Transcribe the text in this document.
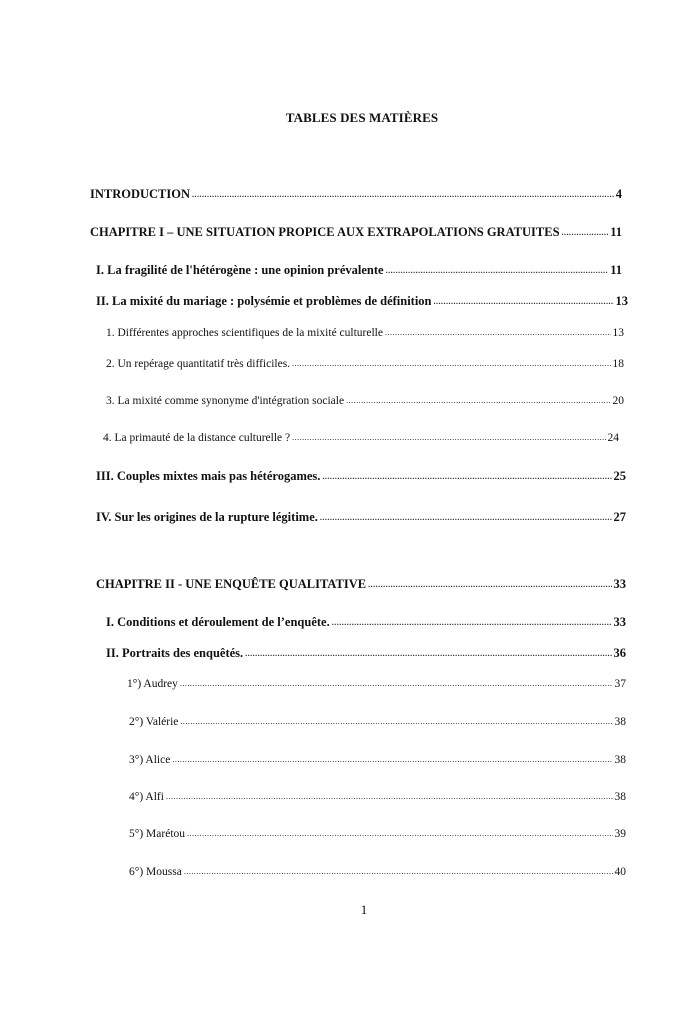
TABLES DES MATIÈRES
INTRODUCTION .....	4
CHAPITRE I – UNE SITUATION PROPICE AUX EXTRAPOLATIONS GRATUITES .....	11
I. La fragilité de l'hétérogène : une opinion prévalente .....	11
II. La mixité du mariage : polysémie et problèmes de définition .....	13
1. Différentes approches scientifiques de la mixité culturelle .....	13
2. Un repérage quantitatif très difficiles. .....	18
3. La mixité comme synonyme d'intégration sociale .....	20
4. La primauté de la distance culturelle ? .....	24
III. Couples mixtes mais pas hétérogames. .....	25
IV. Sur les origines de la rupture légitime. .....	27
CHAPITRE II - UNE ENQUÊTE QUALITATIVE .....	33
I. Conditions et déroulement de l’enquête. .....	33
II. Portraits des enquêtés. .....	36
1°) Audrey .....	37
2°) Valérie .....	38
3°) Alice .....	38
4°) Alfi .....	38
5°) Marétou .....	39
6°) Moussa .....	40
1
